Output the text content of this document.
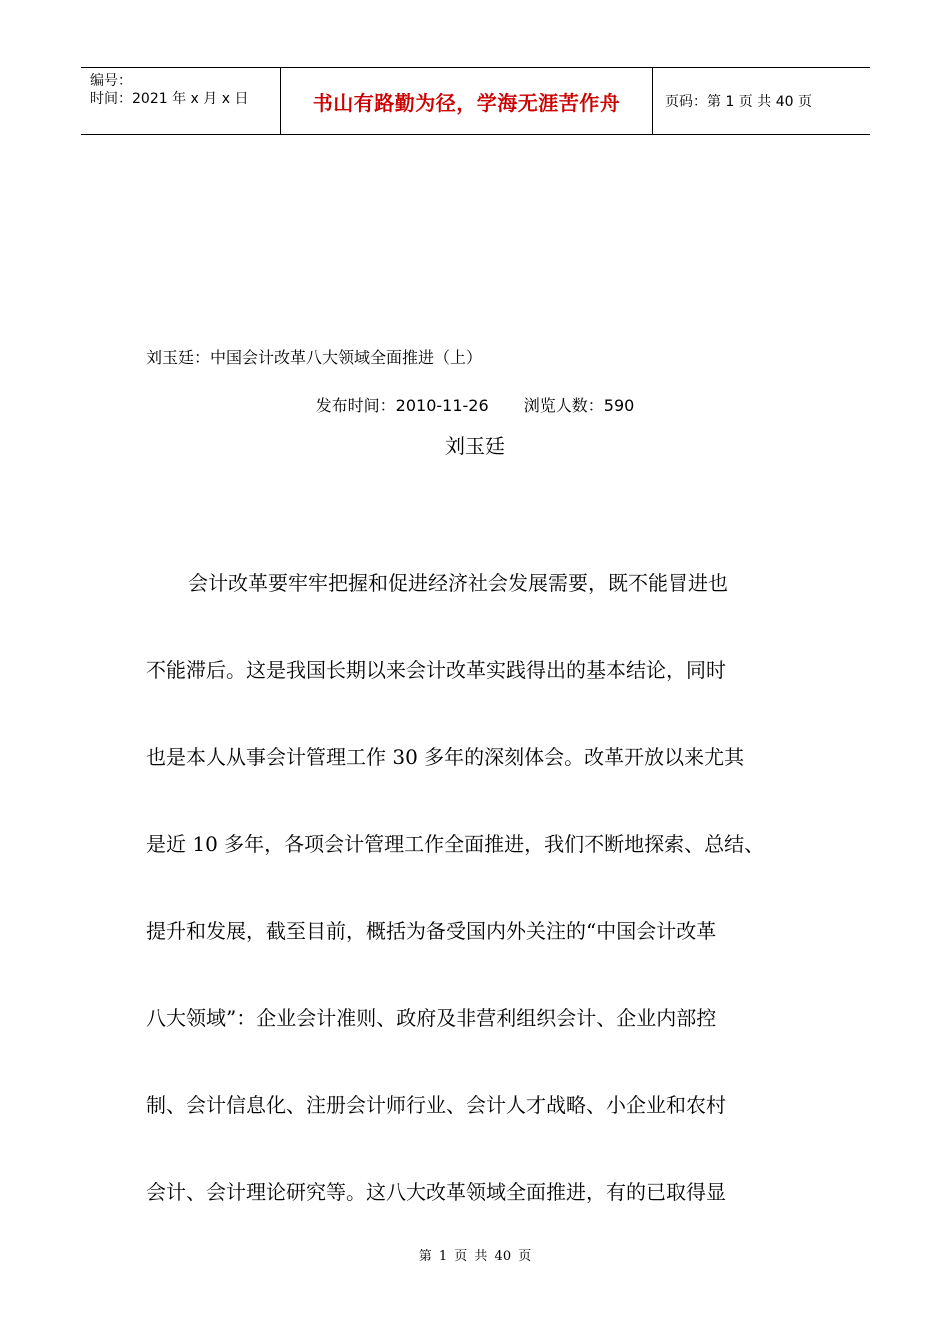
编号：
时间：2021 年 x 月 x 日	书山有路勤为径，学海无涯苦作舟	页码：第 1 页 共 40 页
刘玉廷：中国会计改革八大领域全面推进（上）
发布时间：2010-11-26 浏览人数：590
刘玉廷
会计改革要牢牢把握和促进经济社会发展需要，既不能冒进也
不能滞后。这是我国长期以来会计改革实践得出的基本结论，同时
也是本人从事会计管理工作 30 多年的深刻体会。改革开放以来尤其
是近 10 多年，各项会计管理工作全面推进，我们不断地探索、总结、
提升和发展，截至目前，概括为备受国内外关注的“中国会计改革
八大领域”：企业会计准则、政府及非营利组织会计、企业内部控
制、会计信息化、注册会计师行业、会计人才战略、小企业和农村
会计、会计理论研究等。这八大改革领域全面推进，有的已取得显
第 1 页 共 40 页
